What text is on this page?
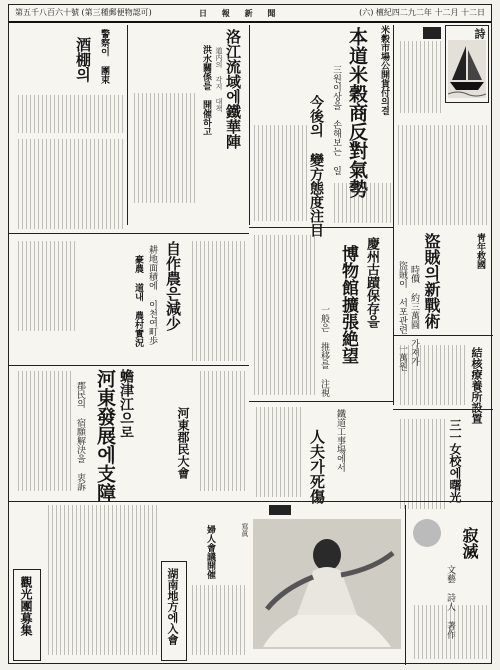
第五千八百六十號 (第三種郵便物認可)	日 報 新 聞	(六) 檀紀四二九二年 十二月 十二日
詩
米穀市場公開貨付의결
本道米穀商反對氣勢
三원이상을 손해보는 일
今後의 變方態度注目
洛江流域에鐵華陣
道内의 각지 대책
洪水關係를 開催하고
酒棚의 警察이 團束
靑年救國
盜賊의新戰術
時價 約三萬圓 가져가
盜賊이 서포관련 一萬원
慶州古蹟保存을
博物館擴張絶望
一般은 推移를 注視
自作農은減少
耕地面積에 이천여町歩
豪農 道내 農村實況
蟾津江으로
河東發展에支障
郡民의 宿願解決을 衷訴	河東郡民大會	人夫가死傷 鐵道工事場에서
結核療養所設置
三一女校에曙光
寫眞	寂滅
文藝 詩人 著作
觀光團募集	湖南地方에入會
婦人會議開催
